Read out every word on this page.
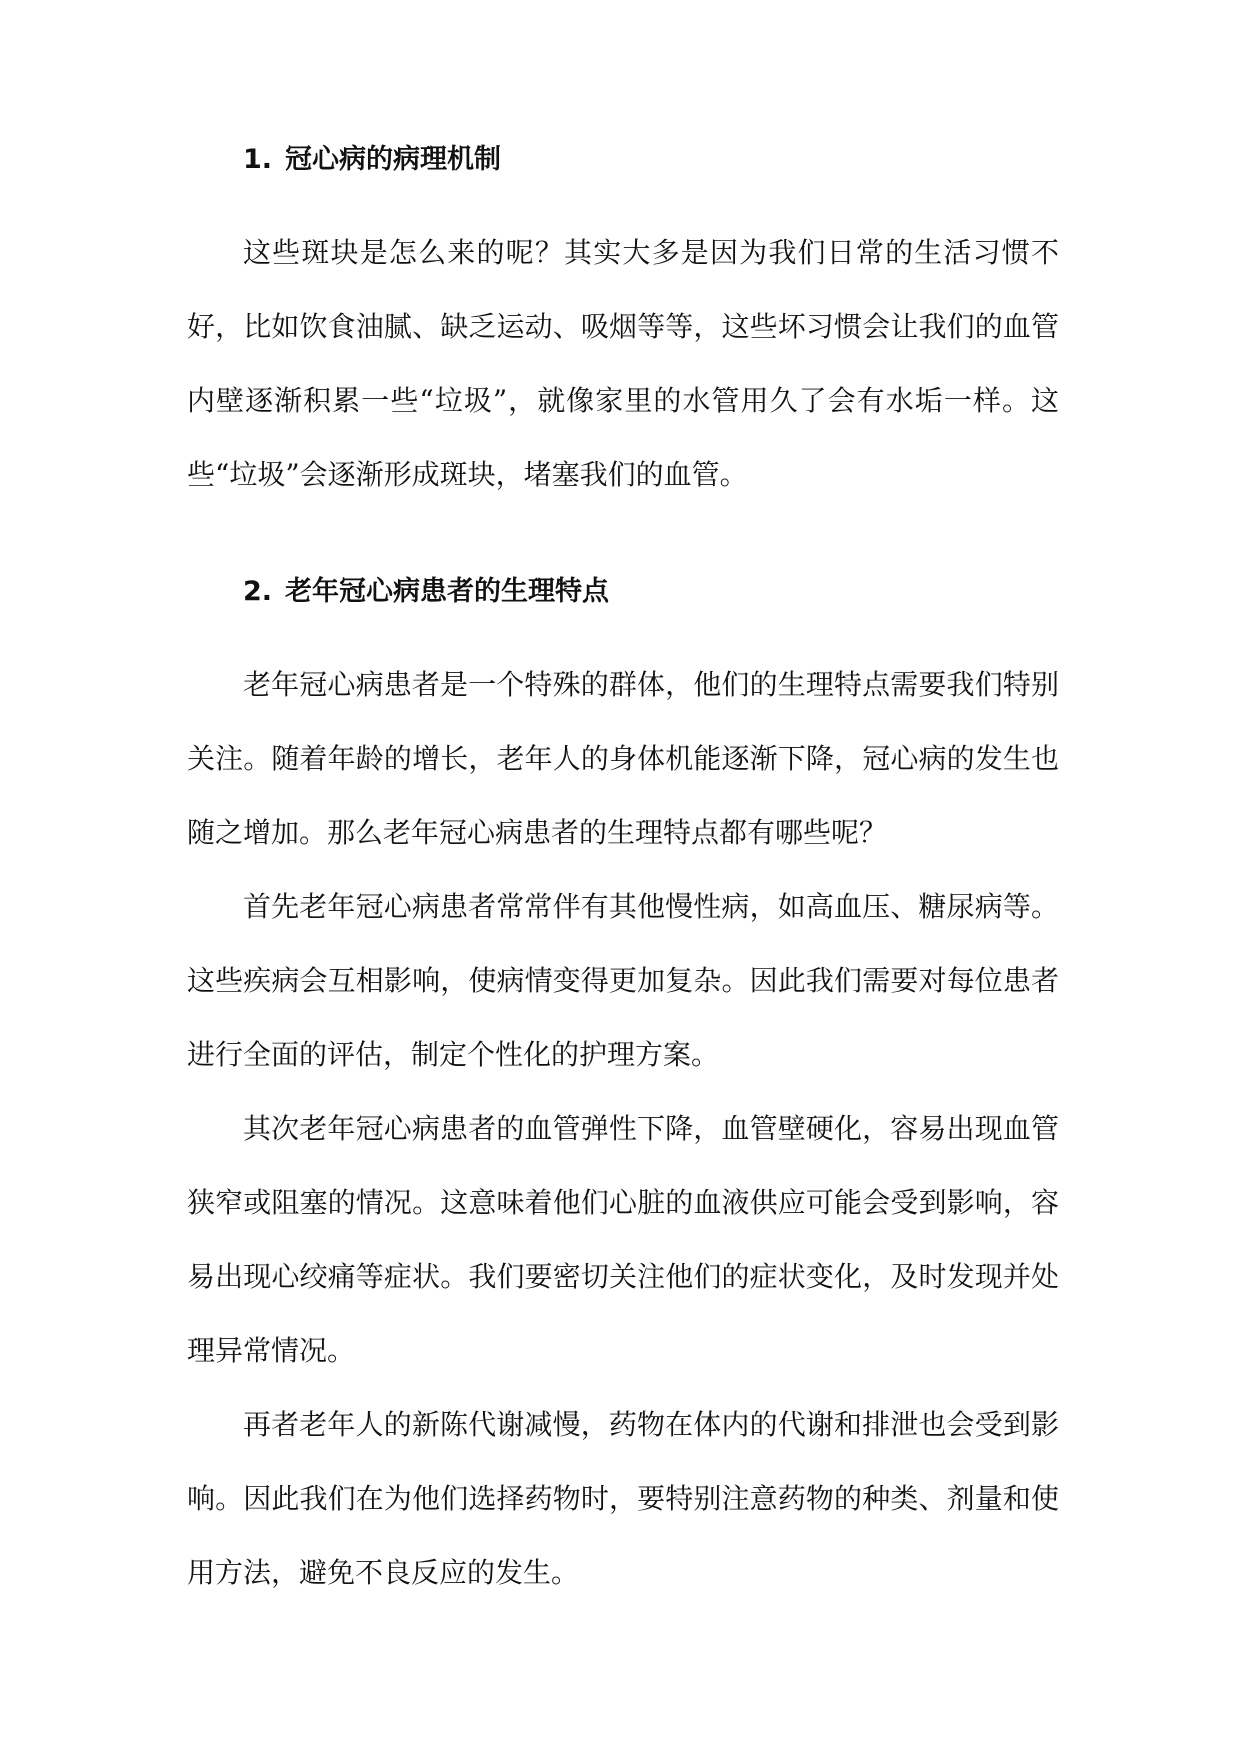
1. 冠心病的病理机制

这些斑块是怎么来的呢？其实大多是因为我们日常的生活习惯不好，比如饮食油腻、缺乏运动、吸烟等等，这些坏习惯会让我们的血管内壁逐渐积累一些“垃圾”，就像家里的水管用久了会有水垢一样。这些“垃圾”会逐渐形成斑块，堵塞我们的血管。

2. 老年冠心病患者的生理特点

老年冠心病患者是一个特殊的群体，他们的生理特点需要我们特别关注。随着年龄的增长，老年人的身体机能逐渐下降，冠心病的发生也随之增加。那么老年冠心病患者的生理特点都有哪些呢？

首先老年冠心病患者常常伴有其他慢性病，如高血压、糖尿病等。这些疾病会互相影响，使病情变得更加复杂。因此我们需要对每位患者进行全面的评估，制定个性化的护理方案。

其次老年冠心病患者的血管弹性下降，血管壁硬化，容易出现血管狭窄或阻塞的情况。这意味着他们心脏的血液供应可能会受到影响，容易出现心绞痛等症状。我们要密切关注他们的症状变化，及时发现并处理异常情况。

再者老年人的新陈代谢减慢，药物在体内的代谢和排泄也会受到影响。因此我们在为他们选择药物时，要特别注意药物的种类、剂量和使用方法，避免不良反应的发生。
